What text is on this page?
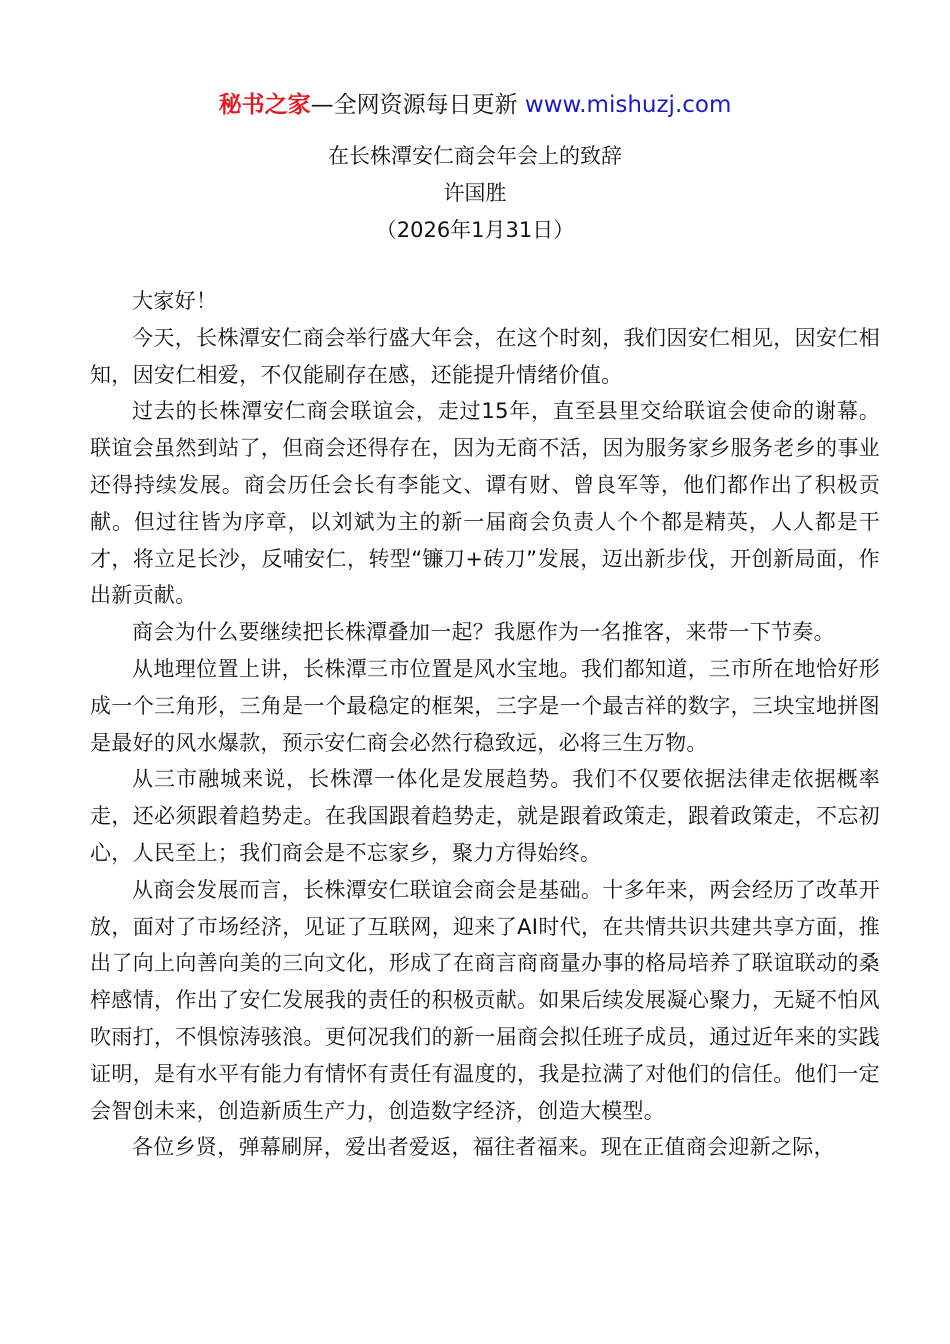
秘书之家—全网资源每日更新 www.mishuzj.com
在长株潭安仁商会年会上的致辞
许国胜
（2026年1月31日）

大家好！

今天，长株潭安仁商会举行盛大年会，在这个时刻，我们因安仁相见，因安仁相知，因安仁相爱，不仅能刷存在感，还能提升情绪价值。

过去的长株潭安仁商会联谊会，走过15年，直至县里交给联谊会使命的谢幕。联谊会虽然到站了，但商会还得存在，因为无商不活，因为服务家乡服务老乡的事业还得持续发展。商会历任会长有李能文、谭有财、曾良军等，他们都作出了积极贡献。但过往皆为序章，以刘斌为主的新一届商会负责人个个都是精英，人人都是干才，将立足长沙，反哺安仁，转型“镰刀+砖刀”发展，迈出新步伐，开创新局面，作出新贡献。

商会为什么要继续把长株潭叠加一起？我愿作为一名推客，来带一下节奏。

从地理位置上讲，长株潭三市位置是风水宝地。我们都知道，三市所在地恰好形成一个三角形，三角是一个最稳定的框架，三字是一个最吉祥的数字，三块宝地拼图是最好的风水爆款，预示安仁商会必然行稳致远，必将三生万物。

从三市融城来说，长株潭一体化是发展趋势。我们不仅要依据法律走依据概率走，还必须跟着趋势走。在我国跟着趋势走，就是跟着政策走，跟着政策走，不忘初心，人民至上；我们商会是不忘家乡，聚力方得始终。

从商会发展而言，长株潭安仁联谊会商会是基础。十多年来，两会经历了改革开放，面对了市场经济，见证了互联网，迎来了AI时代，在共情共识共建共享方面，推出了向上向善向美的三向文化，形成了在商言商商量办事的格局培养了联谊联动的桑梓感情，作出了安仁发展我的责任的积极贡献。如果后续发展凝心聚力，无疑不怕风吹雨打，不惧惊涛骇浪。更何况我们的新一届商会拟任班子成员，通过近年来的实践证明，是有水平有能力有情怀有责任有温度的，我是拉满了对他们的信任。他们一定会智创未来，创造新质生产力，创造数字经济，创造大模型。

各位乡贤，弹幕刷屏，爱出者爱返，福往者福来。现在正值商会迎新之际，
